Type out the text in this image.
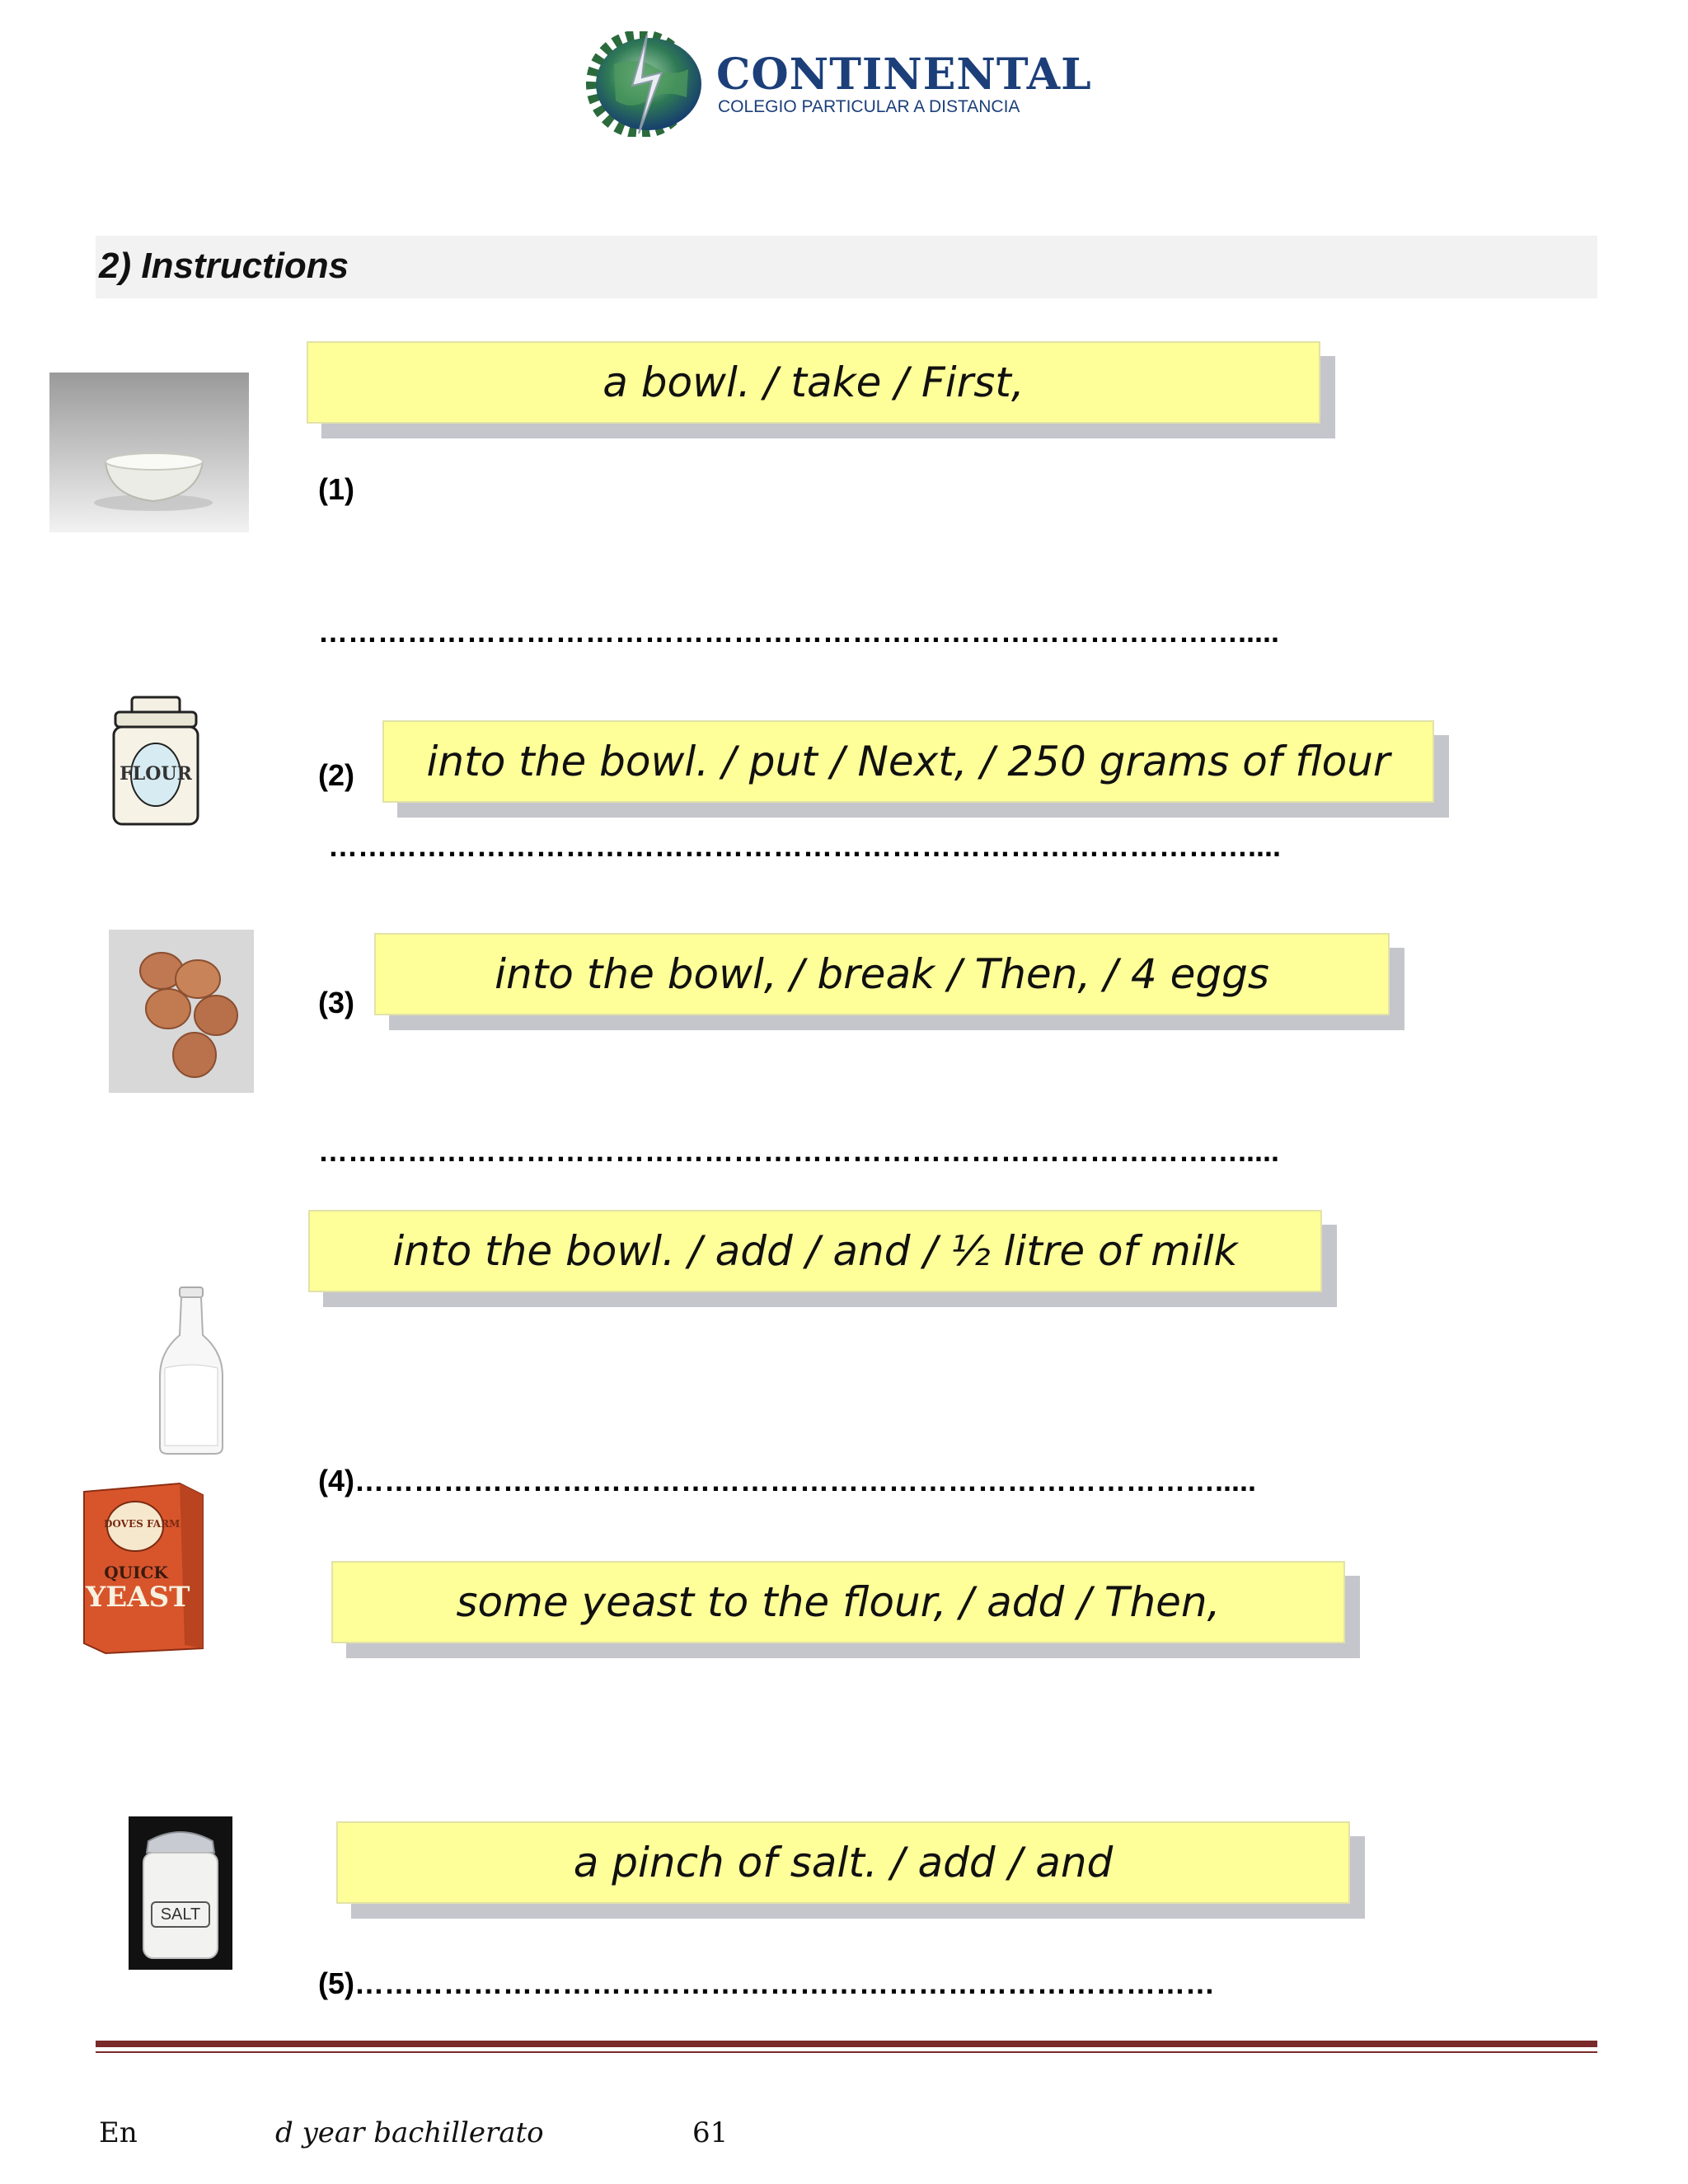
CONTINENTAL
COLEGIO PARTICULAR A DISTANCIA
2) Instructions
a bowl. / take / First,
(1)
………………………………………………………………………………….....
FLOUR	(2)	into the bowl. / put / Next, / 250 grams of flour
…………………………………………………………………………………....
into the bowl, / break / Then, / 4 eggs
(3)
………………………………………………………………………………….....
into the bowl. / add / and / ½ litre of milk
(4)…………………………………………………………………………….....
DOVES FARM
QUICK
YEAST	some yeast to the flour, / add / Then,
SALT
a pinch of salt. / add / and
(5)……………………………………………………………………………
En	d year bachillerato	61
